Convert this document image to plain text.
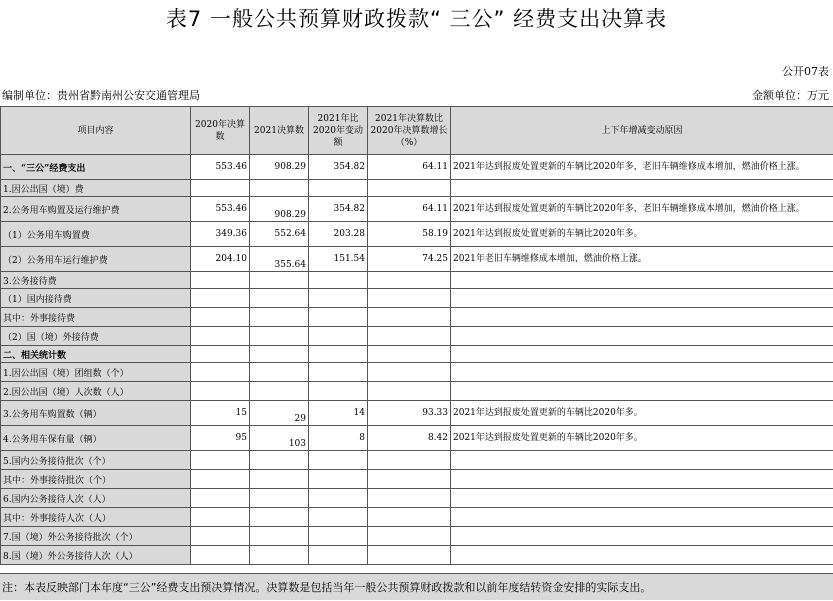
表7 一般公共预算财政拨款“ 三公” 经费支出决算表
公开07表
编制单位：贵州省黔南州公安交通管理局	金额单位：万元
项目内容	2020年决算数	2021决算数	2021年比2020年变动额	2021年决算数比2020年决算数增长（%）	上下年增减变动原因
一、“三公”经费支出	553.46	908.29	354.82	64.11	2021年达到报废处置更新的车辆比2020年多，老旧车辆维修成本增加，燃油价格上涨。
1.因公出国（境）费					
2.公务用车购置及运行维护费	553.46	908.29	354.82	64.11	2021年达到报废处置更新的车辆比2020年多，老旧车辆维修成本增加，燃油价格上涨。
（1）公务用车购置费	349.36	552.64	203.28	58.19	2021年达到报废处置更新的车辆比2020年多。
（2）公务用车运行维护费	204.10	355.64	151.54	74.25	2021年老旧车辆维修成本增加，燃油价格上涨。
3.公务接待费					
（1）国内接待费					
其中：外事接待费					
（2）国（境）外接待费					
二、相关统计数					
1.因公出国（境）团组数（个）					
2.因公出国（境）人次数（人）					
3.公务用车购置数（辆）	15	29	14	93.33	2021年达到报废处置更新的车辆比2020年多。
4.公务用车保有量（辆）	95	103	8	8.42	2021年达到报废处置更新的车辆比2020年多。
5.国内公务接待批次（个）					
其中：外事接待批次（个）					
6.国内公务接待人次（人）					
其中：外事接待人次（人）					
7.国（境）外公务接待批次（个）					
8.国（境）外公务接待人次（人）					
注：本表反映部门本年度“三公”经费支出预决算情况。决算数是包括当年一般公共预算财政拨款和以前年度结转资金安排的实际支出。
